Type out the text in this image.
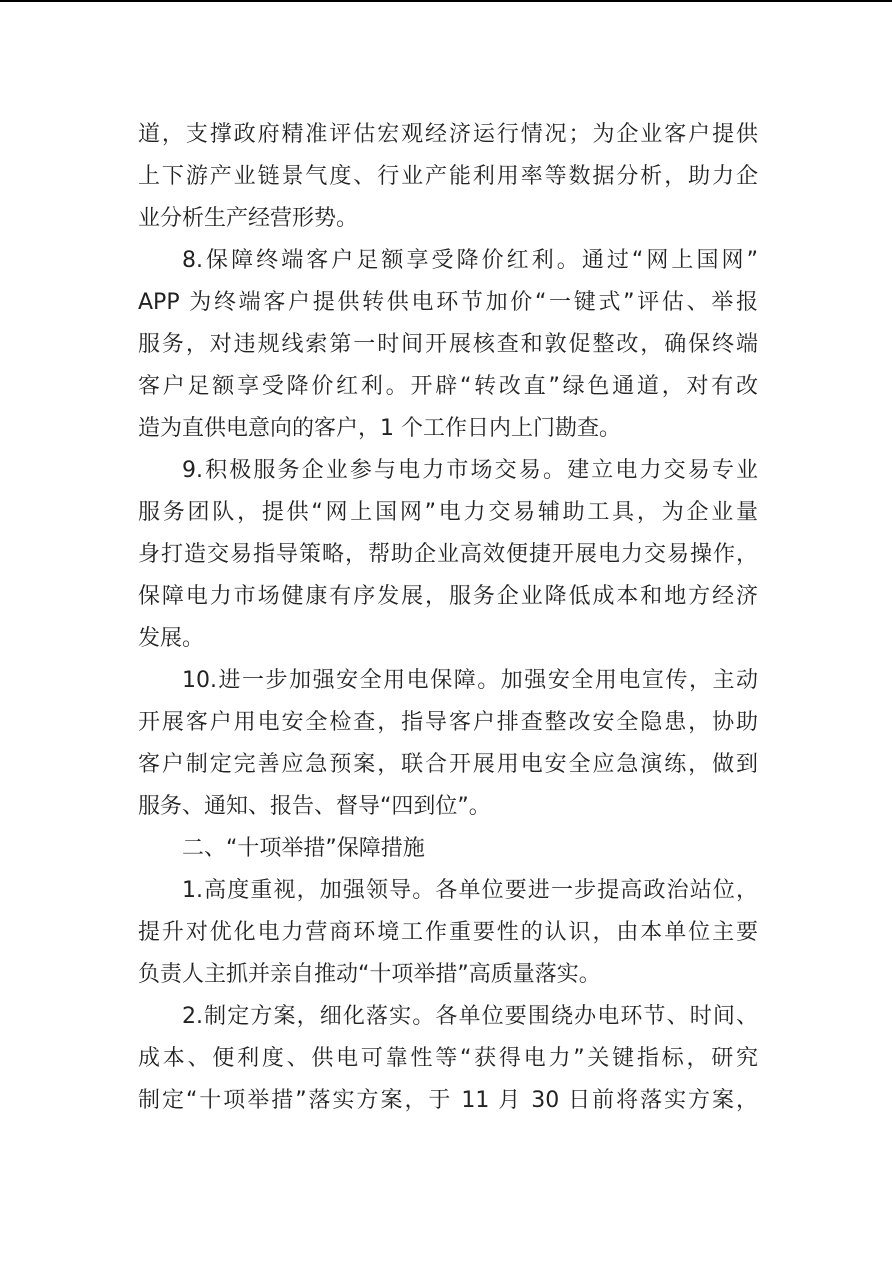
道，支撑政府精准评估宏观经济运行情况；为企业客户提供
上下游产业链景气度、行业产能利用率等数据分析，助力企
业分析生产经营形势。
8.保障终端客户足额享受降价红利。通过“网上国网”
APP 为终端客户提供转供电环节加价“一键式”评估、举报
服务，对违规线索第一时间开展核查和敦促整改，确保终端
客户足额享受降价红利。开辟“转改直”绿色通道，对有改
造为直供电意向的客户，1 个工作日内上门勘查。
9.积极服务企业参与电力市场交易。建立电力交易专业
服务团队，提供“网上国网”电力交易辅助工具，为企业量
身打造交易指导策略，帮助企业高效便捷开展电力交易操作，
保障电力市场健康有序发展，服务企业降低成本和地方经济
发展。
10.进一步加强安全用电保障。加强安全用电宣传，主动
开展客户用电安全检查，指导客户排查整改安全隐患，协助
客户制定完善应急预案，联合开展用电安全应急演练，做到
服务、通知、报告、督导“四到位”。
二、“十项举措”保障措施
1.高度重视，加强领导。各单位要进一步提高政治站位，
提升对优化电力营商环境工作重要性的认识，由本单位主要
负责人主抓并亲自推动“十项举措”高质量落实。
2.制定方案，细化落实。各单位要围绕办电环节、时间、
成本、便利度、供电可靠性等“获得电力”关键指标，研究
制定“十项举措”落实方案，于 11 月 30 日前将落实方案，
